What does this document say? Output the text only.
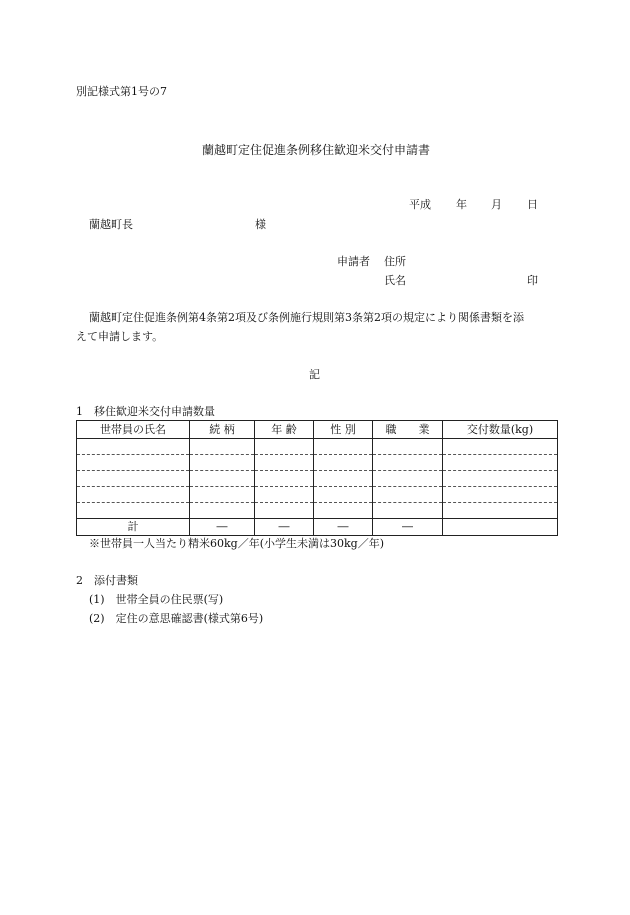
別記様式第1号の7
蘭越町定住促進条例移住歓迎米交付申請書
平成 年 月 日
蘭越町長	様
申請者 住所
氏名	印
蘭越町定住促進条例第4条第2項及び条例施行規則第3条第2項の規定により関係書類を添
えて申請します。
記
1　移住歓迎米交付申請数量
世帯員の氏名	続 柄	年 齢	性 別	職　　業	交付数量(kg)

計	―	―	―	―	
※世帯員一人当たり精米60kg／年(小学生未満は30kg／年)
2　添付書類
(1)　世帯全員の住民票(写)
(2)　定住の意思確認書(様式第6号)
